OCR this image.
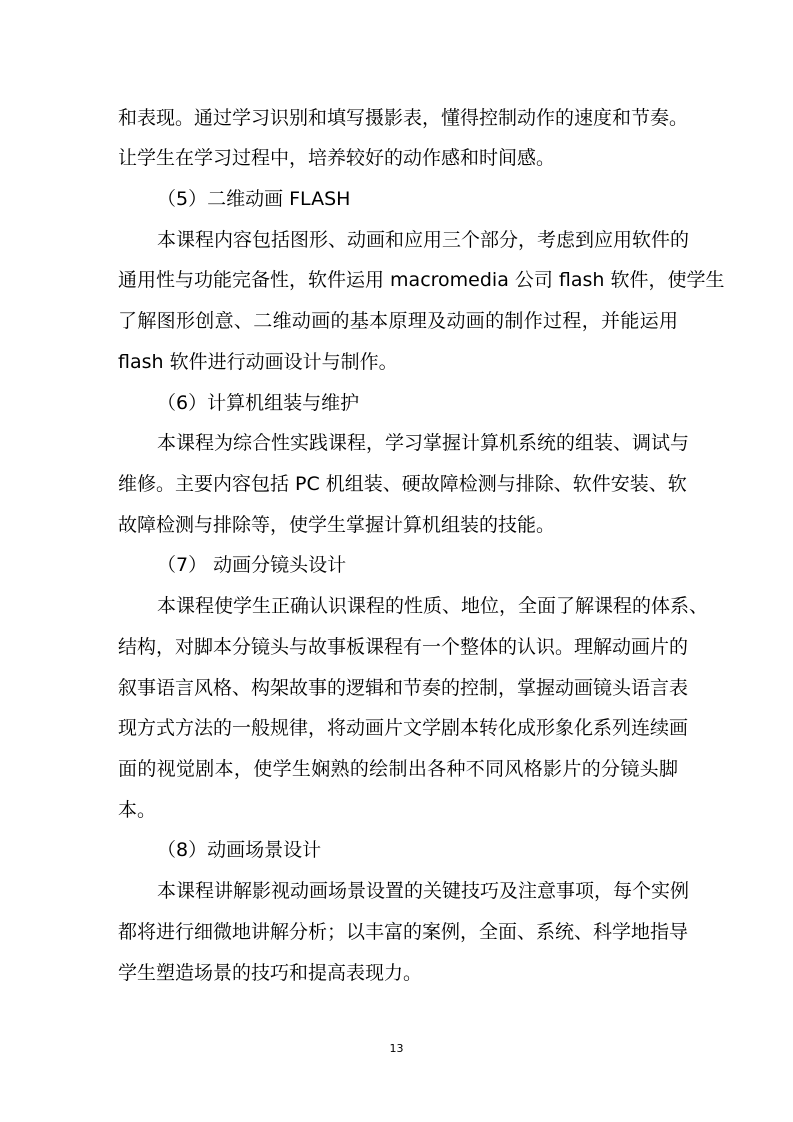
和表现。通过学习识别和填写摄影表，懂得控制动作的速度和节奏。
让学生在学习过程中，培养较好的动作感和时间感。
（5）二维动画 FLASH
本课程内容包括图形、动画和应用三个部分，考虑到应用软件的
通用性与功能完备性，软件运用 macromedia 公司 flash 软件，使学生
了解图形创意、二维动画的基本原理及动画的制作过程，并能运用
flash 软件进行动画设计与制作。
（6）计算机组装与维护
本课程为综合性实践课程，学习掌握计算机系统的组装、调试与
维修。主要内容包括 PC 机组装、硬故障检测与排除、软件安装、软
故障检测与排除等，使学生掌握计算机组装的技能。
（7） 动画分镜头设计
本课程使学生正确认识课程的性质、地位，全面了解课程的体系、
结构，对脚本分镜头与故事板课程有一个整体的认识。理解动画片的
叙事语言风格、构架故事的逻辑和节奏的控制，掌握动画镜头语言表
现方式方法的一般规律，将动画片文学剧本转化成形象化系列连续画
面的视觉剧本，使学生娴熟的绘制出各种不同风格影片的分镜头脚
本。
（8）动画场景设计
本课程讲解影视动画场景设置的关键技巧及注意事项，每个实例
都将进行细微地讲解分析；以丰富的案例，全面、系统、科学地指导
学生塑造场景的技巧和提高表现力。
13
